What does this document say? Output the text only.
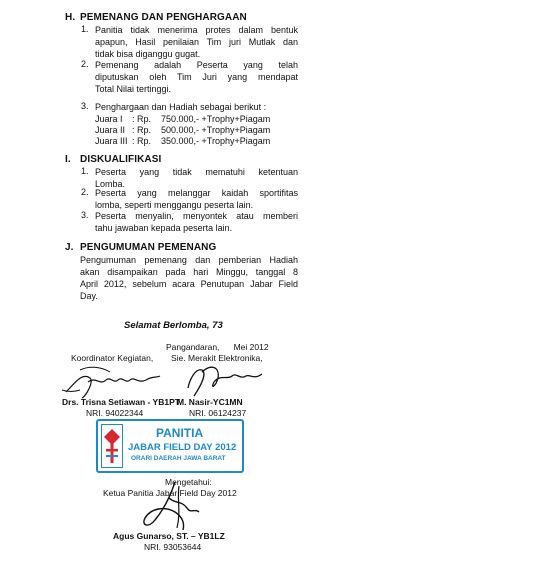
H. PEMENANG DAN PENGHARGAAN
1. Panitia tidak menerima protes dalam bentuk
apapun, Hasil penilaian Tim juri Mutlak dan
tidak bisa diganggu gugat.
2. Pemenang adalah Peserta yang telah
diputuskan oleh Tim Juri yang mendapat
Total Nilai tertinggi.
3. Penghargaan dan Hadiah sebagai berikut :
Juara I : Rp. 750.000,- +Trophy+Piagam
Juara II : Rp. 500.000,- +Trophy+Piagam
Juara III : Rp. 350.000,- +Trophy+Piagam
I. DISKUALIFIKASI
1. Peserta yang tidak mematuhi ketentuan
Lomba.
2. Peserta yang melanggar kaidah sportifitas
lomba, seperti menggangu peserta lain.
3. Peserta menyalin, menyontek atau memberi
tahu jawaban kepada peserta lain.
J. PENGUMUMAN PEMENANG
Pengumuman pemenang dan pemberian Hadiah
akan disampaikan pada hari Minggu, tanggal 8
April 2012, sebelum acara Penutupan Jabar Field
Day.
Selamat Berlomba, 73
Pangandaran,      Mei 2012
Koordinator Kegiatan, Sie. Merakit Elektronika,
Drs. Trisna Setiawan - YB1PT
NRI. 94022344
M. Nasir-YC1MN
NRI. 06124237
PANITIA
JABAR FIELD DAY 2012
ORARI DAERAH JAWA BARAT
Mengetahui:
Ketua Panitia Jabar Field Day 2012
Agus Gunarso, ST. – YB1LZ
NRI. 93053644
